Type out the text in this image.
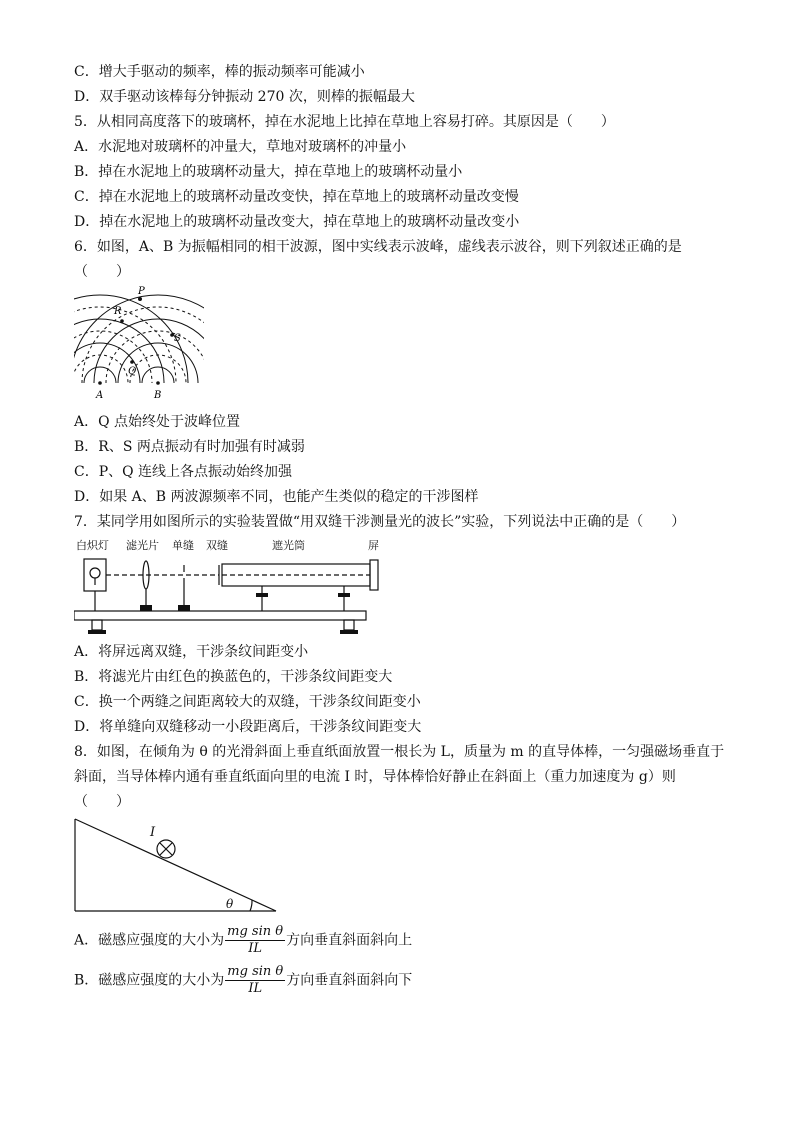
C．增大手驱动的频率，棒的振动频率可能减小
D．双手驱动该棒每分钟振动 270 次，则棒的振幅最大
5．从相同高度落下的玻璃杯，掉在水泥地上比掉在草地上容易打碎。其原因是（　　）
A．水泥地对玻璃杯的冲量大，草地对玻璃杯的冲量小
B．掉在水泥地上的玻璃杯动量大，掉在草地上的玻璃杯动量小
C．掉在水泥地上的玻璃杯动量改变快，掉在草地上的玻璃杯动量改变慢
D．掉在水泥地上的玻璃杯动量改变大，掉在草地上的玻璃杯动量改变小
6．如图，A、B 为振幅相同的相干波源，图中实线表示波峰，虚线表示波谷，则下列叙述正确的是
（　　）
P
R
S
Q
A	B
A．Q 点始终处于波峰位置
B．R、S 两点振动有时加强有时减弱
C．P、Q 连线上各点振动始终加强
D．如果 A、B 两波源频率不同，也能产生类似的稳定的干涉图样
7．某同学用如图所示的实验装置做“用双缝干涉测量光的波长”实验，下列说法中正确的是（　　）
白炽灯 滤光片 单缝 双缝	遮光筒	屏
A．将屏远离双缝，干涉条纹间距变小
B．将滤光片由红色的换蓝色的，干涉条纹间距变大
C．换一个两缝之间距离较大的双缝，干涉条纹间距变小
D．将单缝向双缝移动一小段距离后，干涉条纹间距变大
8．如图，在倾角为 θ 的光滑斜面上垂直纸面放置一根长为 L，质量为 m 的直导体棒，一匀强磁场垂直于
斜面，当导体棒内通有垂直纸面向里的电流 I 时，导体棒恰好静止在斜面上（重力加速度为 g）则
（　　）
I
θ
A．磁感应强度的大小为 $\frac{\text{mg sin θ}}{IL}$ 方向垂直斜面斜向上
B．磁感应强度的大小为 $\frac{\text{mg sin θ}}{IL}$ 方向垂直斜面斜向下
